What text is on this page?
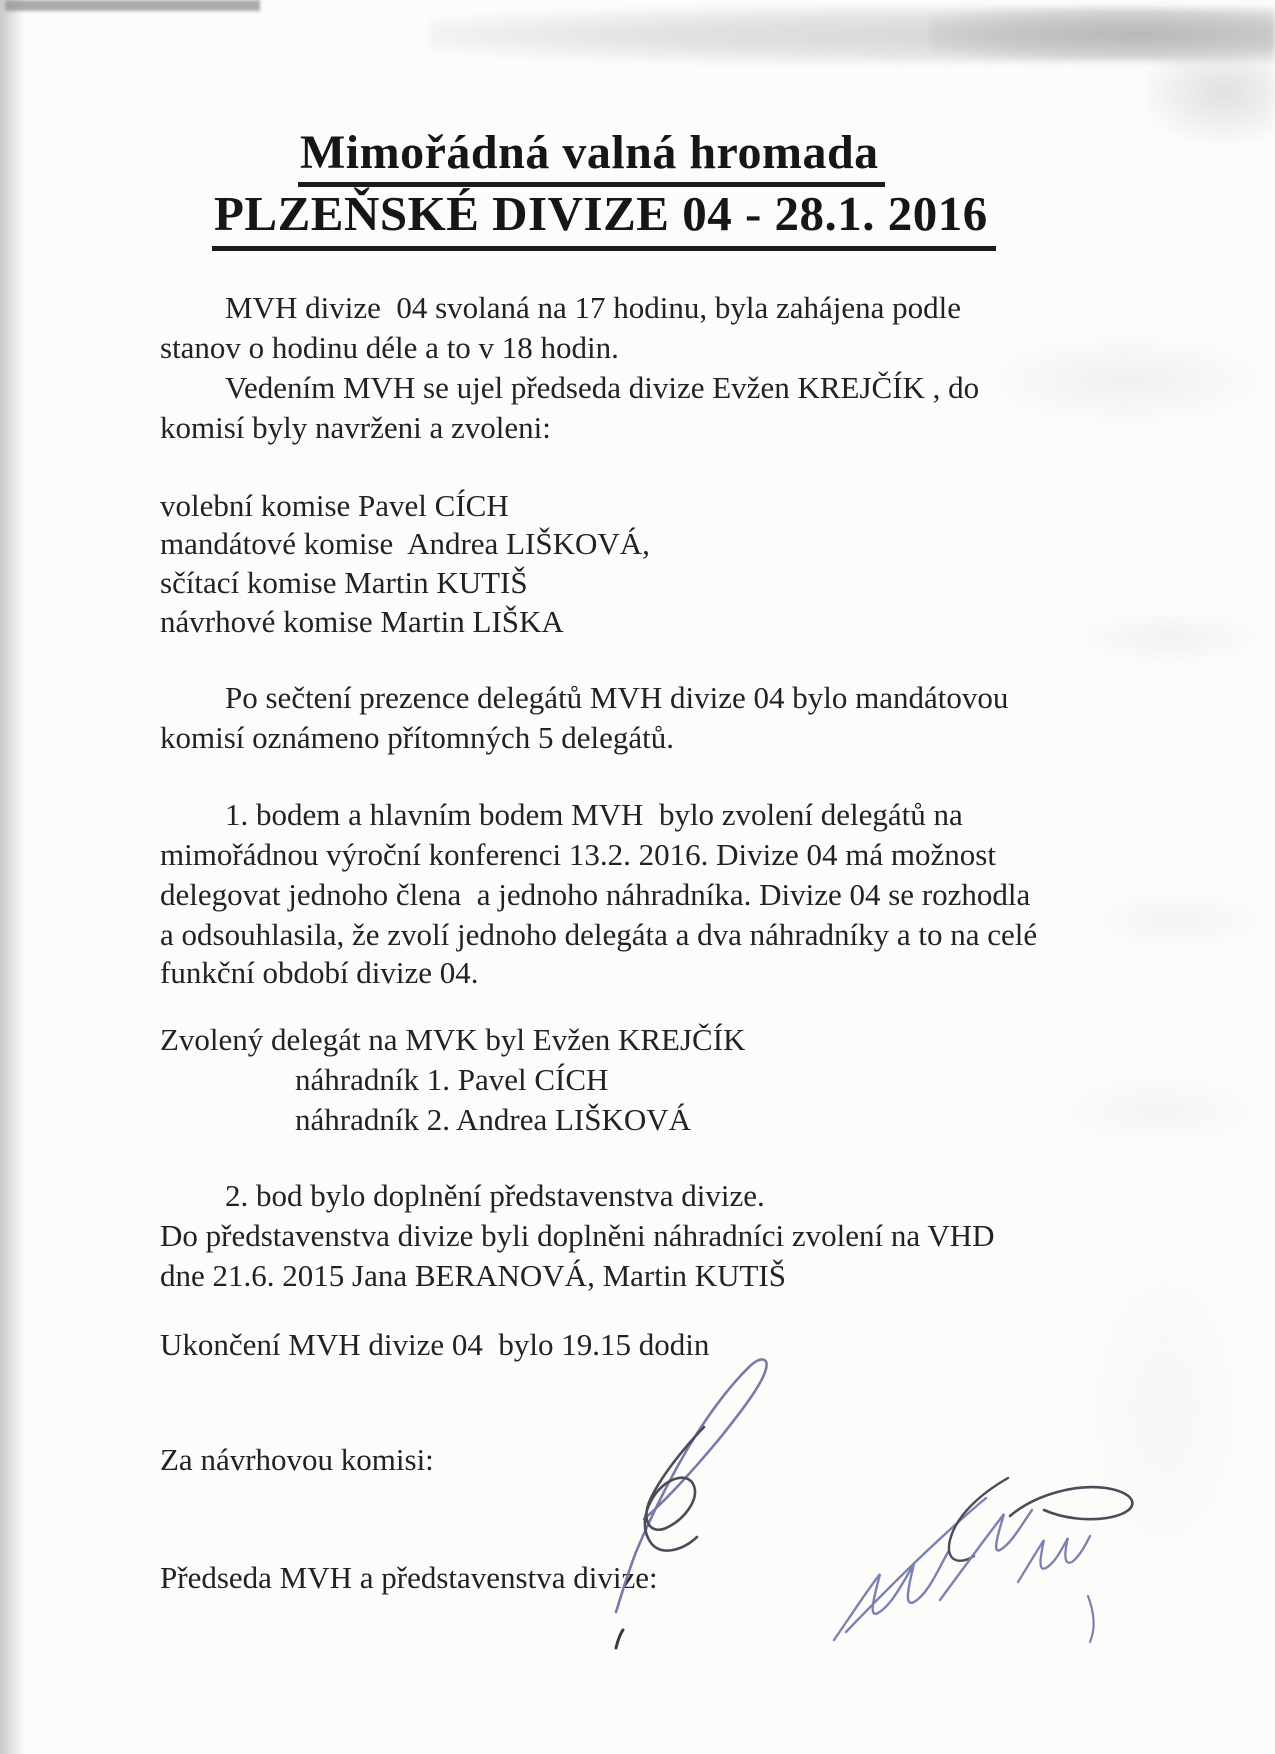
Mimořádná valná hromada
PLZEŇSKÉ DIVIZE 04 - 28.1. 2016
MVH divize  04 svolaná na 17 hodinu, byla zahájena podle
stanov o hodinu déle a to v 18 hodin.
Vedením MVH se ujel předseda divize Evžen KREJČÍK , do
komisí byly navrženi a zvoleni:
volební komise Pavel CÍCH
mandátové komise  Andrea LIŠKOVÁ,
sčítací komise Martin KUTIŠ
návrhové komise Martin LIŠKA
Po sečtení prezence delegátů MVH divize 04 bylo mandátovou
komisí oznámeno přítomných 5 delegátů.
1. bodem a hlavním bodem MVH  bylo zvolení delegátů na
mimořádnou výroční konferenci 13.2. 2016. Divize 04 má možnost
delegovat jednoho člena  a jednoho náhradníka. Divize 04 se rozhodla
a odsouhlasila, že zvolí jednoho delegáta a dva náhradníky a to na celé
funkční období divize 04.
Zvolený delegát na MVK byl Evžen KREJČÍK
náhradník 1. Pavel CÍCH
náhradník 2. Andrea LIŠKOVÁ
2. bod bylo doplnění představenstva divize.
Do představenstva divize byli doplněni náhradníci zvolení na VHD
dne 21.6. 2015 Jana BERANOVÁ, Martin KUTIŠ
Ukončení MVH divize 04  bylo 19.15 dodin
Za návrhovou komisi:
Předseda MVH a představenstva divize:
